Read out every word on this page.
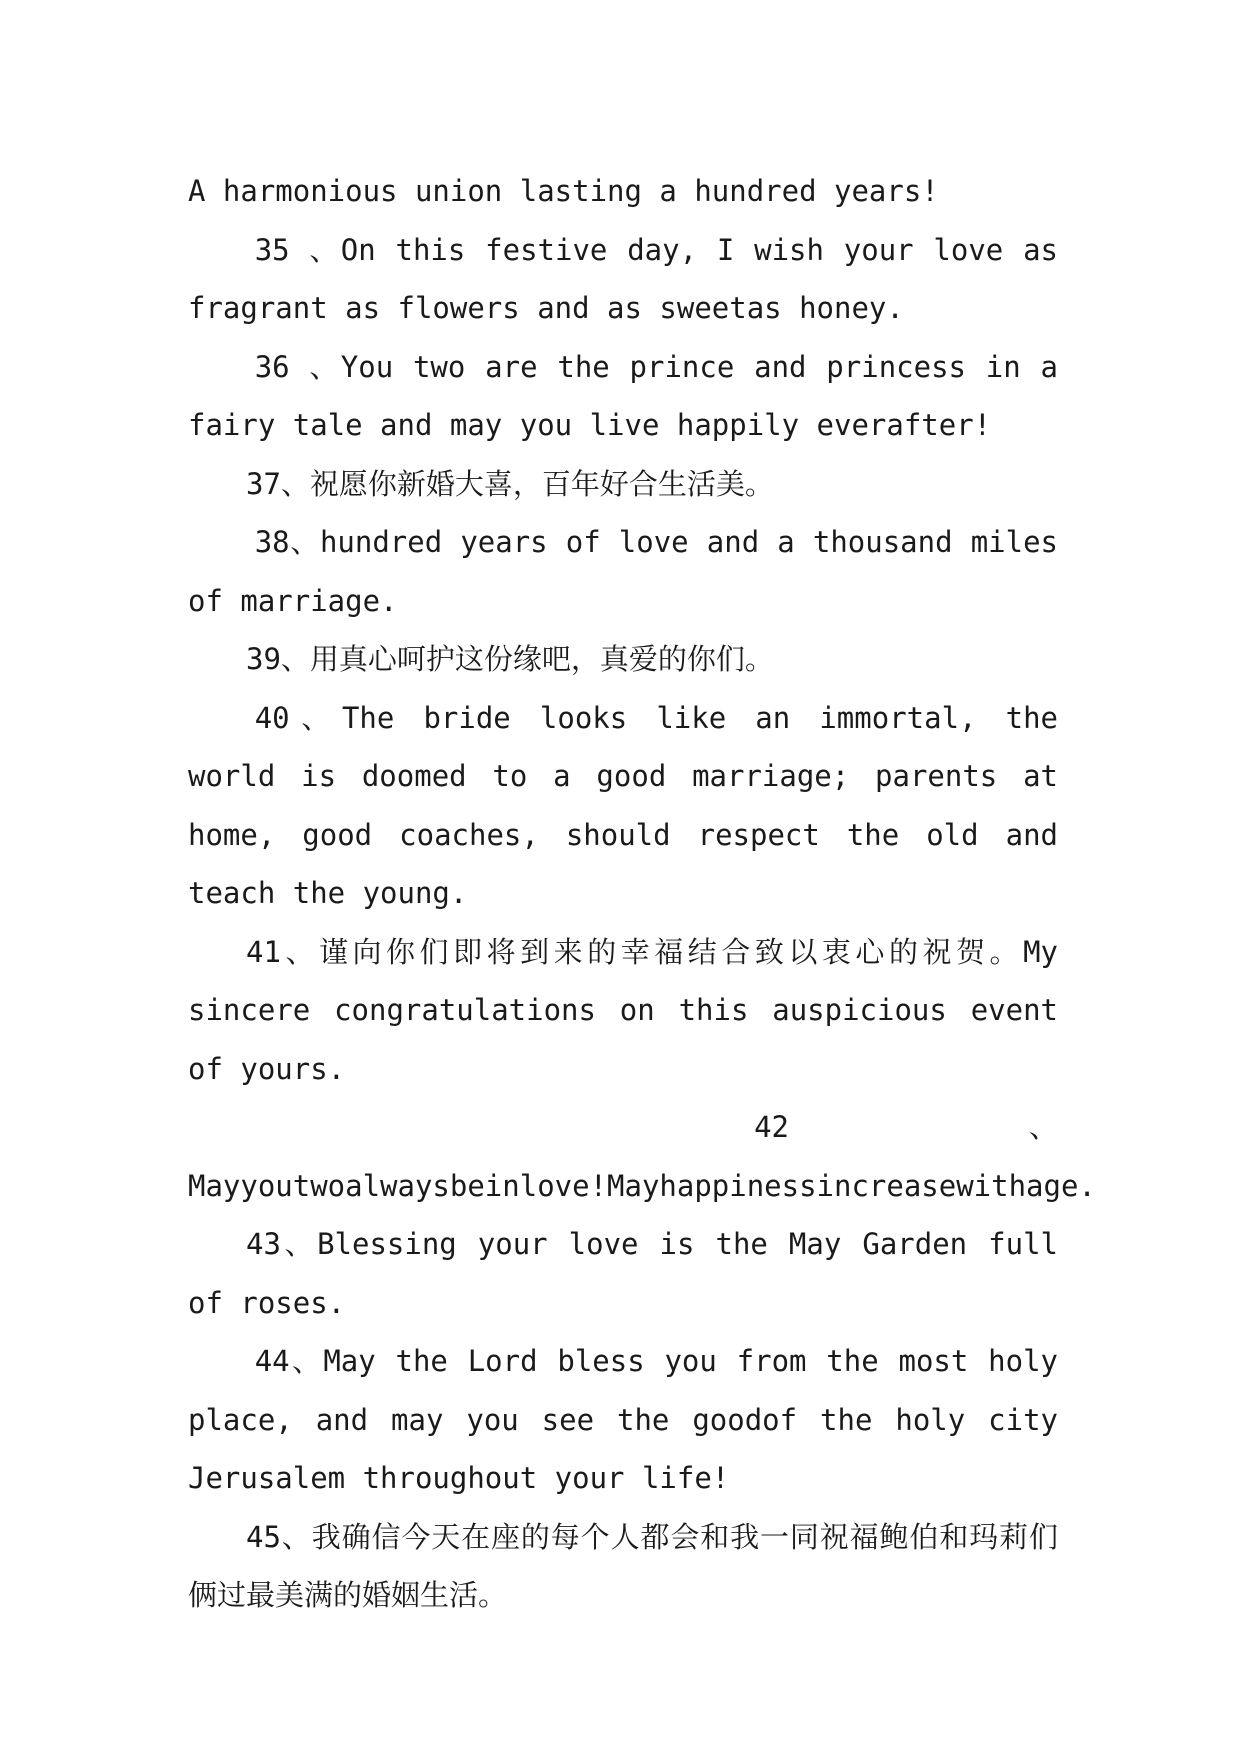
A harmonious union lasting a hundred years!

35 、On this festive day, I wish your love as fragrant as flowers and as sweetas honey.

36 、You two are the prince and princess in a fairy tale and may you live happily everafter!

37、祝愿你新婚大喜，百年好合生活美。

38、hundred years of love and a thousand miles of marriage.

39、用真心呵护这份缘吧，真爱的你们。

40、The bride looks like an immortal, the world is doomed to a good marriage; parents at home, good coaches, should respect the old and teach the young.

41、谨向你们即将到来的幸福结合致以衷心的祝贺。My sincere congratulations on this auspicious event of yours.

42	、

Mayyoutwoalwaysbeinlove!Mayhappinessincreasewithage.

43、Blessing your love is the May Garden full of roses.

44、May the Lord bless you from the most holy place, and may you see the goodof the holy city Jerusalem throughout your life!

45、我确信今天在座的每个人都会和我一同祝福鲍伯和玛莉们俩过最美满的婚姻生活。
